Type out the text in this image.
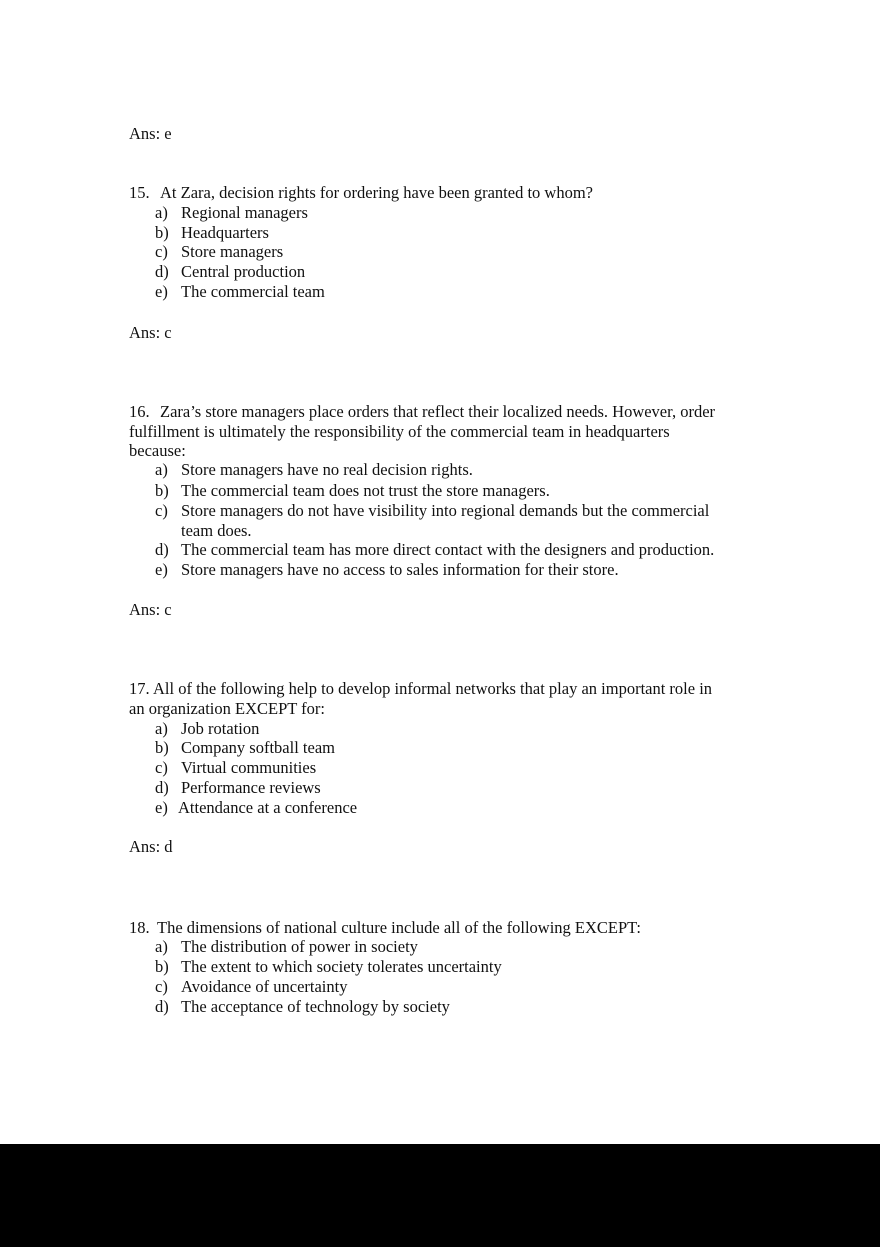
Ans: e
15. At Zara, decision rights for ordering have been granted to whom?
a) Regional managers
b) Headquarters
c) Store managers
d) Central production
e) The commercial team
Ans: c
16. Zara’s store managers place orders that reflect their localized needs. However, order
fulfillment is ultimately the responsibility of the commercial team in headquarters
because:
a) Store managers have no real decision rights.
b) The commercial team does not trust the store managers.
c) Store managers do not have visibility into regional demands but the commercial
team does.
d) The commercial team has more direct contact with the designers and production.
e) Store managers have no access to sales information for their store.
Ans: c
17. All of the following help to develop informal networks that play an important role in
an organization EXCEPT for:
a) Job rotation
b) Company softball team
c) Virtual communities
d) Performance reviews
e) Attendance at a conference
Ans: d
18. The dimensions of national culture include all of the following EXCEPT:
a) The distribution of power in society
b) The extent to which society tolerates uncertainty
c) Avoidance of uncertainty
d) The acceptance of technology by society
